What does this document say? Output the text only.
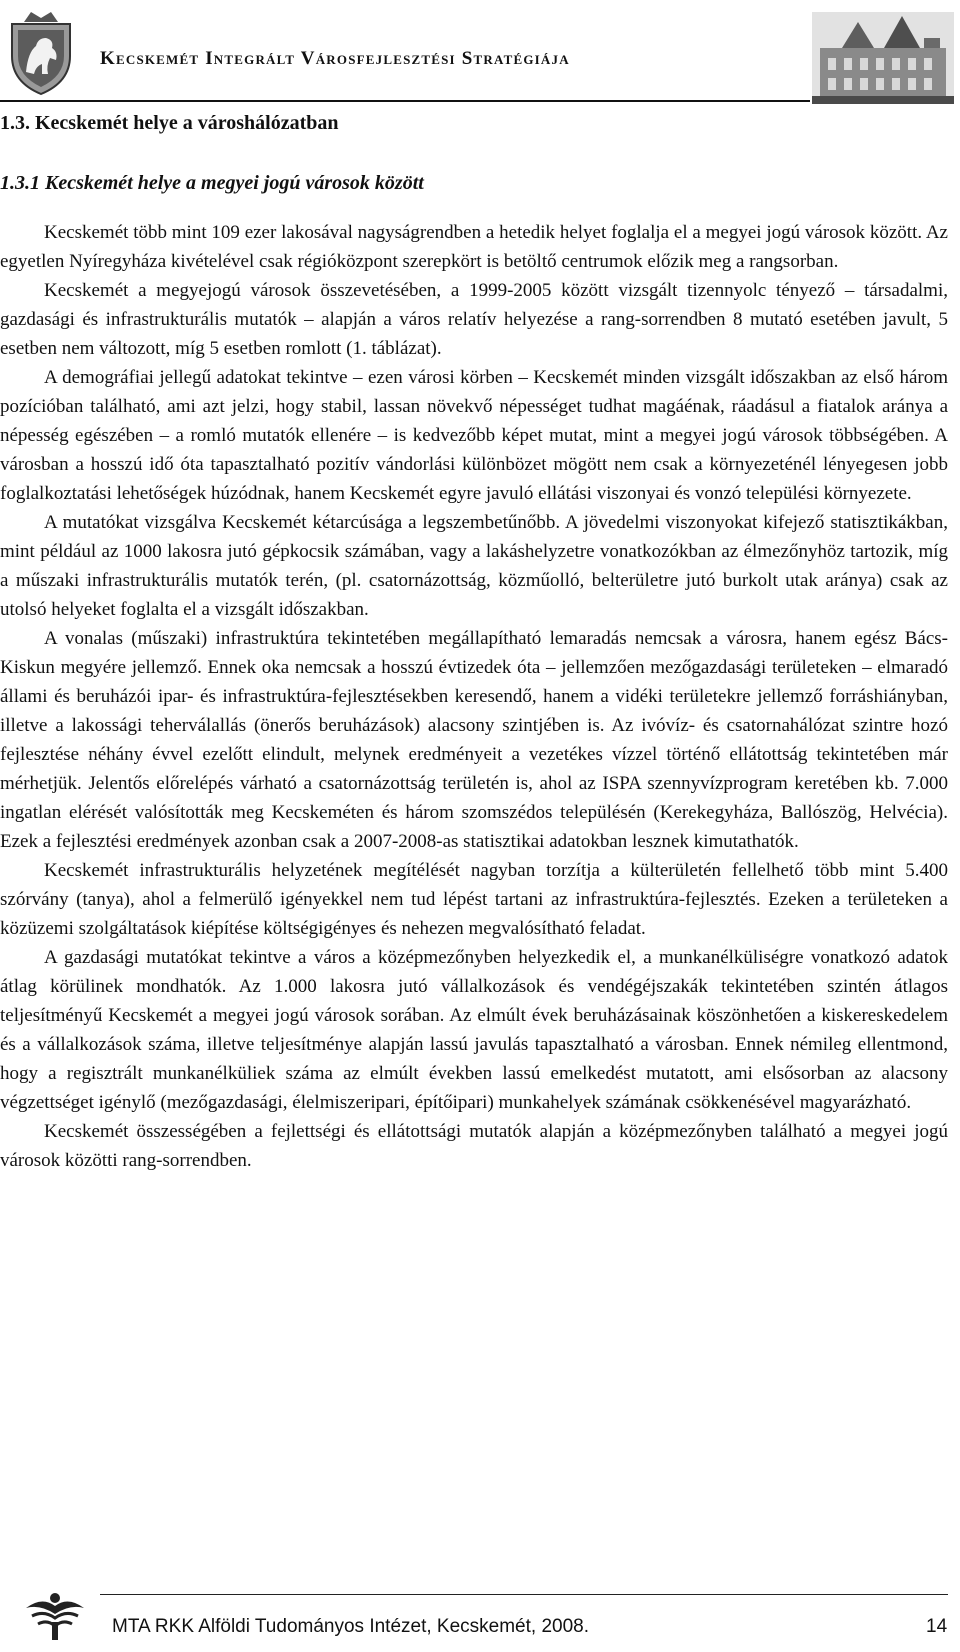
Kecskemét Integrált Városfejlesztési Stratégiája
1.3. Kecskemét helye a városhálózatban
1.3.1 Kecskemét helye a megyei jogú városok között

Kecskemét több mint 109 ezer lakosával nagyságrendben a hetedik helyet foglalja el a megyei jogú városok között. Az egyetlen Nyíregyháza kivételével csak régióközpont szerepkört is betöltő centrumok előzik meg a rangsorban.

Kecskemét a megyejogú városok összevetésében, a 1999-2005 között vizsgált tizennyolc tényező – társadalmi, gazdasági és infrastrukturális mutatók – alapján a város relatív helyezése a rang-sorrendben 8 mutató esetében javult, 5 esetben nem változott, míg 5 esetben romlott (1. táblázat).

A demográfiai jellegű adatokat tekintve – ezen városi körben – Kecskemét minden vizsgált időszakban az első három pozícióban található, ami azt jelzi, hogy stabil, lassan növekvő népességet tudhat magáénak, ráadásul a fiatalok aránya a népesség egészében – a romló mutatók ellenére – is kedvezőbb képet mutat, mint a megyei jogú városok többségében. A városban a hosszú idő óta tapasztalható pozitív vándorlási különbözet mögött nem csak a környezeténél lényegesen jobb foglalkoztatási lehetőségek húzódnak, hanem Kecskemét egyre javuló ellátási viszonyai és vonzó települési környezete.

A mutatókat vizsgálva Kecskemét kétarcúsága a legszembetűnőbb. A jövedelmi viszonyokat kifejező statisztikákban, mint például az 1000 lakosra jutó gépkocsik számában, vagy a lakáshelyzetre vonatkozókban az élmezőnyhöz tartozik, míg a műszaki infrastrukturális mutatók terén, (pl. csatornázottság, közműolló, belterületre jutó burkolt utak aránya) csak az utolsó helyeket foglalta el a vizsgált időszakban.

A vonalas (műszaki) infrastruktúra tekintetében megállapítható lemaradás nemcsak a városra, hanem egész Bács-Kiskun megyére jellemző. Ennek oka nemcsak a hosszú évtizedek óta – jellemzően mezőgazdasági területeken – elmaradó állami és beruházói ipar- és infrastruktúra-fejlesztésekben keresendő, hanem a vidéki területekre jellemző forráshiányban, illetve a lakossági teherválallás (önerős beruházások) alacsony szintjében is. Az ivóvíz- és csatornahálózat szintre hozó fejlesztése néhány évvel ezelőtt elindult, melynek eredményeit a vezetékes vízzel történő ellátottság tekintetében már mérhetjük. Jelentős előrelépés várható a csatornázottság területén is, ahol az ISPA szennyvízprogram keretében kb. 7.000 ingatlan elérését valósították meg Kecskeméten és három szomszédos településén (Kerekegyháza, Ballószög, Helvécia). Ezek a fejlesztési eredmények azonban csak a 2007-2008-as statisztikai adatokban lesznek kimutathatók.

Kecskemét infrastrukturális helyzetének megítélését nagyban torzítja a külterületén fellelhető több mint 5.400 szórvány (tanya), ahol a felmerülő igényekkel nem tud lépést tartani az infrastruktúra-fejlesztés. Ezeken a területeken a közüzemi szolgáltatások kiépítése költségigényes és nehezen megvalósítható feladat.

A gazdasági mutatókat tekintve a város a középmezőnyben helyezkedik el, a munkanélküliségre vonatkozó adatok átlag körülinek mondhatók. Az 1.000 lakosra jutó vállalkozások és vendégéjszakák tekintetében szintén átlagos teljesítményű Kecskemét a megyei jogú városok sorában. Az elmúlt évek beruházásainak köszönhetően a kiskereskedelem és a vállalkozások száma, illetve teljesítménye alapján lassú javulás tapasztalható a városban. Ennek némileg ellentmond, hogy a regisztrált munkanélküliek száma az elmúlt években lassú emelkedést mutatott, ami elsősorban az alacsony végzettséget igénylő (mezőgazdasági, élelmiszeripari, építőipari) munkahelyek számának csökkenésével magyarázható.

Kecskemét összességében a fejlettségi és ellátottsági mutatók alapján a középmezőnyben található a megyei jogú városok közötti rang-sorrendben.

MTA RKK Alföldi Tudományos Intézet, Kecskemét, 2008.	14
